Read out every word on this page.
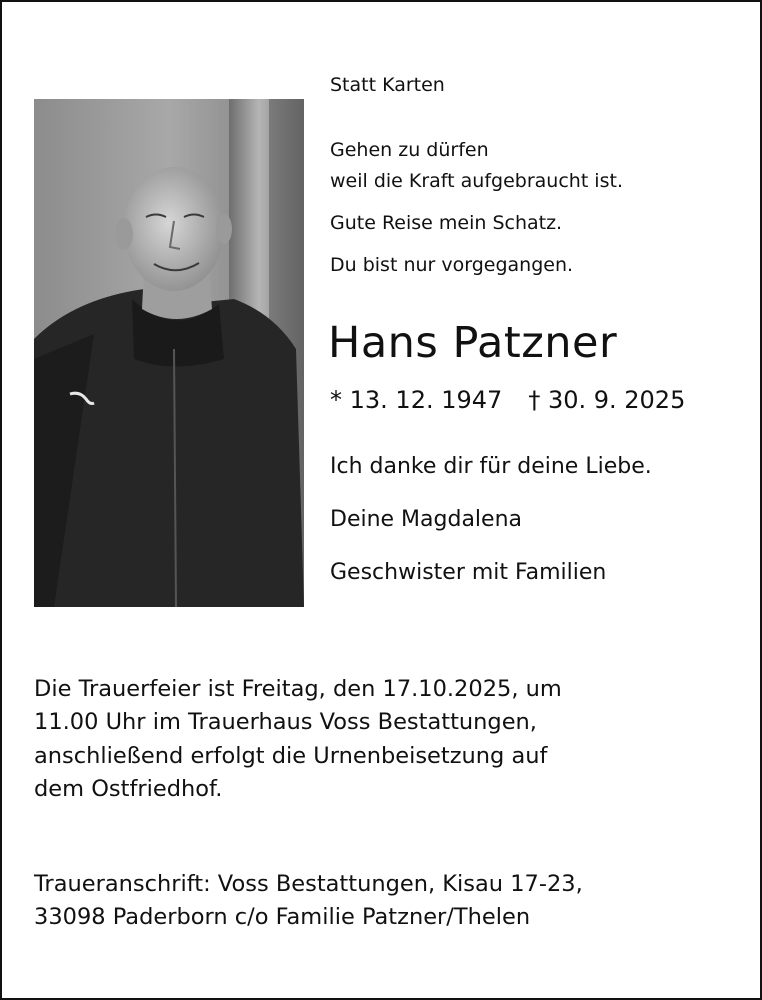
Statt Karten

Gehen zu dürfen

weil die Kraft aufgebraucht ist.

Gute Reise mein Schatz.

Du bist nur vorgegangen.

Hans Patzner
* 13. 12. 1947 † 30. 9. 2025

Ich danke dir für deine Liebe.

Deine Magdalena

Geschwister mit Familien

Die Trauerfeier ist Freitag, den 17.10.2025, um

11.00 Uhr im Trauerhaus Voss Bestattungen,

anschließend erfolgt die Urnenbeisetzung auf

dem Ostfriedhof.

Traueranschrift: Voss Bestattungen, Kisau 17-23,

33098 Paderborn c/o Familie Patzner/Thelen
